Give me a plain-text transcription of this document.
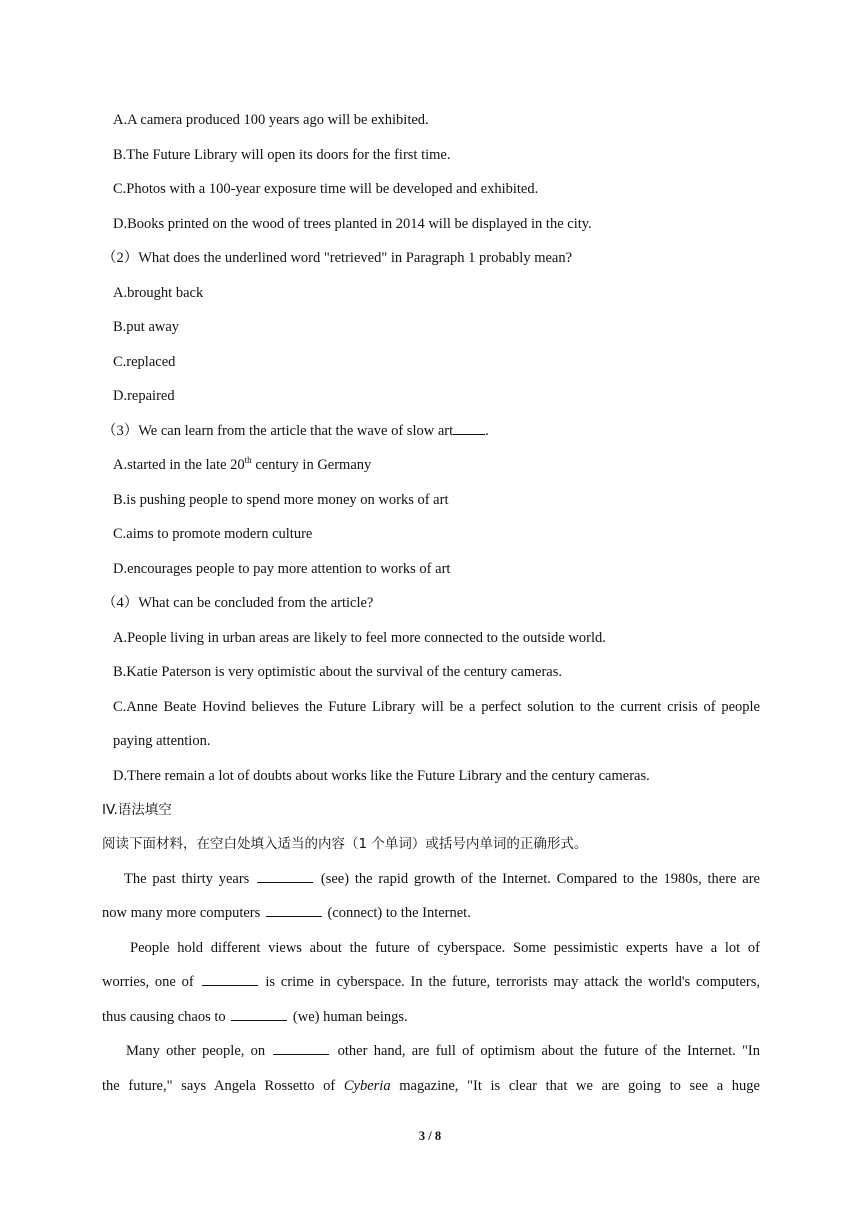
A.A camera produced 100 years ago will be exhibited.
B.The Future Library will open its doors for the first time.
C.Photos with a 100-year exposure time will be developed and exhibited.
D.Books printed on the wood of trees planted in 2014 will be displayed in the city.
（2）What does the underlined word "retrieved" in Paragraph 1 probably mean?
A.brought back
B.put away
C.replaced
D.repaired
（3）We can learn from the article that the wave of slow art .
A.started in the late 20th century in Germany
B.is pushing people to spend more money on works of art
C.aims to promote modern culture
D.encourages people to pay more attention to works of art
（4）What can be concluded from the article?
A.People living in urban areas are likely to feel more connected to the outside world.
B.Katie Paterson is very optimistic about the survival of the century cameras.
C.Anne Beate Hovind believes the Future Library will be a perfect solution to the current crisis of people
paying attention.
D.There remain a lot of doubts about works like the Future Library and the century cameras.
IV.语法填空
阅读下面材料，在空白处填入适当的内容（1 个单词）或括号内单词的正确形式。
The past thirty years	(see) the rapid growth of the Internet. Compared to the 1980s, there are
now many more computers	(connect) to the Internet.
People hold different views about the future of cyberspace. Some pessimistic experts have a lot of
worries, one of	is crime in cyberspace. In the future, terrorists may attack the world's computers,
thus causing chaos to	(we) human beings.
Many other people, on	other hand, are full of optimism about the future of the Internet. "In
the future," says Angela Rossetto of Cyberia magazine, "It is clear that we are going to see a huge
3 / 8
